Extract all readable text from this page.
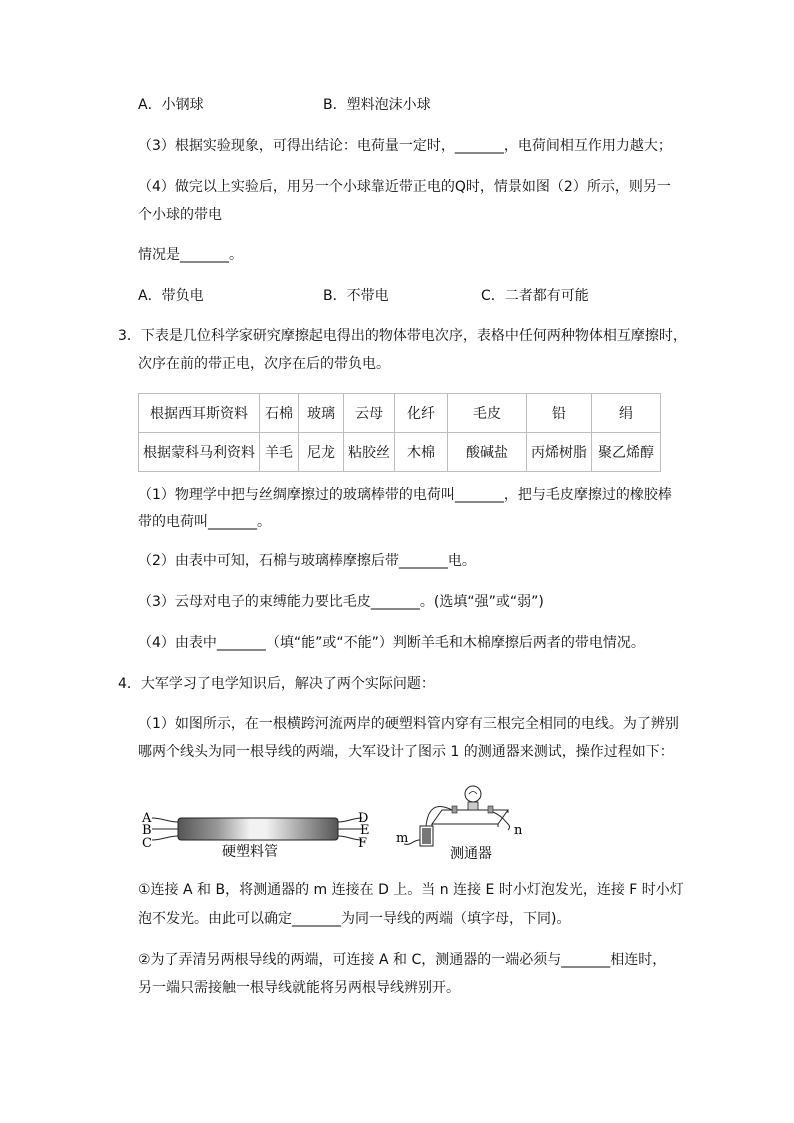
A．小钢球	B．塑料泡沫小球
（3）根据实验现象，可得出结论：电荷量一定时，_______，电荷间相互作用力越大；
（4）做完以上实验后，用另一个小球靠近带正电的Q时，情景如图（2）所示，则另一
个小球的带电
情况是_______。
A．带负电	B．不带电	C．二者都有可能
3．下表是几位科学家研究摩擦起电得出的物体带电次序，表格中任何两种物体相互摩擦时，
次序在前的带正电，次序在后的带负电。
根据西耳斯资料	石棉	玻璃	云母	化纤	毛皮	铅	绢
根据蒙科马利资料	羊毛	尼龙	粘胶丝	木棉	酸碱盐	丙烯树脂	聚乙烯醇
（1）物理学中把与丝绸摩擦过的玻璃棒带的电荷叫_______，把与毛皮摩擦过的橡胶棒
带的电荷叫_______。
（2）由表中可知，石棉与玻璃棒摩擦后带_______电。
（3）云母对电子的束缚能力要比毛皮_______。(选填“强”或“弱”)
（4）由表中_______（填“能”或“不能”）判断羊毛和木棉摩擦后两者的带电情况。
4．大军学习了电学知识后，解决了两个实际问题：
（1）如图所示，在一根横跨河流两岸的硬塑料管内穿有三根完全相同的电线。为了辨别
哪两个线头为同一根导线的两端，大军设计了图示 1 的测通器来测试，操作过程如下：
A
B
C
D
E
F
硬塑料管
m
n
测通器
①连接 A 和 B，将测通器的 m 连接在 D 上。当 n 连接 E 时小灯泡发光，连接 F 时小灯
泡不发光。由此可以确定_______为同一导线的两端（填字母，下同)。
②为了弄清另两根导线的两端，可连接 A 和 C，测通器的一端必须与_______相连时，
另一端只需接触一根导线就能将另两根导线辨别开。
